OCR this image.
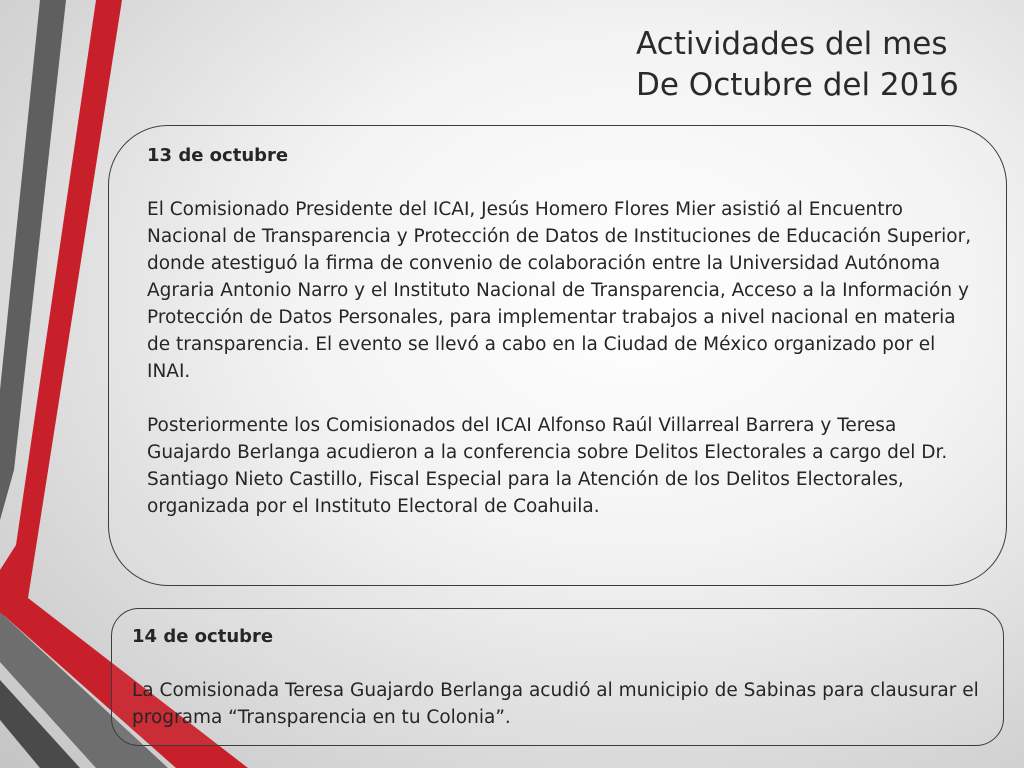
Actividades del mes
De Octubre del 2016

13 de octubre

El Comisionado Presidente del ICAI, Jesús Homero Flores Mier asistió al Encuentro Nacional de Transparencia y Protección de Datos de Instituciones de Educación Superior, donde atestiguó la firma de convenio de colaboración entre la Universidad Autónoma Agraria Antonio Narro y el Instituto Nacional de Transparencia, Acceso a la Información y Protección de Datos Personales, para implementar trabajos a nivel nacional en materia de transparencia. El evento se llevó a cabo en la Ciudad de México organizado por el INAI.

Posteriormente los Comisionados del ICAI Alfonso Raúl Villarreal Barrera y Teresa Guajardo Berlanga acudieron a la conferencia sobre Delitos Electorales a cargo del Dr. Santiago Nieto Castillo, Fiscal Especial para la Atención de los Delitos Electorales, organizada por el Instituto Electoral de Coahuila.

14 de octubre

La Comisionada Teresa Guajardo Berlanga acudió al municipio de Sabinas para clausurar el programa “Transparencia en tu Colonia”.
